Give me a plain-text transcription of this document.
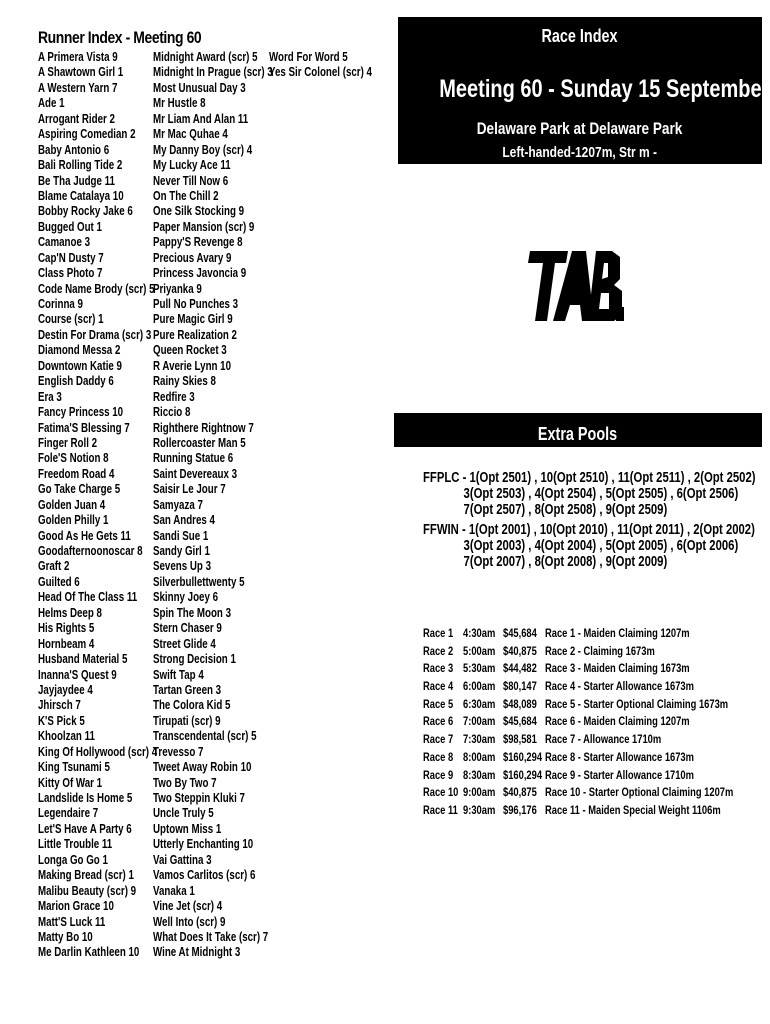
Runner Index - Meeting 60
A Primera Vista 9
A Shawtown Girl 1
A Western Yarn 7
Ade 1
Arrogant Rider 2
Aspiring Comedian 2
Baby Antonio 6
Bali Rolling Tide 2
Be Tha Judge 11
Blame Catalaya 10
Bobby Rocky Jake 6
Bugged Out 1
Camanoe 3
Cap'N Dusty 7
Class Photo 7
Code Name Brody (scr) 5
Corinna 9
Course (scr) 1
Destin For Drama (scr) 3
Diamond Messa 2
Downtown Katie 9
English Daddy 6
Era 3
Fancy Princess 10
Fatima'S Blessing 7
Finger Roll 2
Fole'S Notion 8
Freedom Road 4
Go Take Charge 5
Golden Juan 4
Golden Philly 1
Good As He Gets 11
Goodafternoonoscar 8
Graft 2
Guilted 6
Head Of The Class 11
Helms Deep 8
His Rights 5
Hornbeam 4
Husband Material 5
Inanna'S Quest 9
Jayjaydee 4
Jhirsch 7
K'S Pick 5
Khoolzan 11
King Of Hollywood (scr) 4
King Tsunami 5
Kitty Of War 1
Landslide Is Home 5
Legendaire 7
Let'S Have A Party 6
Little Trouble 11
Longa Go Go 1
Making Bread (scr) 1
Malibu Beauty (scr) 9
Marion Grace 10
Matt'S Luck 11
Matty Bo 10
Me Darlin Kathleen 10
Midnight Award (scr) 5
Midnight In Prague (scr) 3
Most Unusual Day 3
Mr Hustle 8
Mr Liam And Alan 11
Mr Mac Quhae 4
My Danny Boy (scr) 4
My Lucky Ace 11
Never Till Now 6
On The Chill 2
One Silk Stocking 9
Paper Mansion (scr) 9
Pappy'S Revenge 8
Precious Avary 9
Princess Javoncia 9
Priyanka 9
Pull No Punches 3
Pure Magic Girl 9
Pure Realization 2
Queen Rocket 3
R Averie Lynn 10
Rainy Skies 8
Redfire 3
Riccio 8
Righthere Rightnow 7
Rollercoaster Man 5
Running Statue 6
Saint Devereaux 3
Saisir Le Jour 7
Samyaza 7
San Andres 4
Sandi Sue 1
Sandy Girl 1
Sevens Up 3
Silverbullettwenty 5
Skinny Joey 6
Spin The Moon 3
Stern Chaser 9
Street Glide 4
Strong Decision 1
Swift Tap 4
Tartan Green 3
The Colora Kid 5
Tirupati (scr) 9
Transcendental (scr) 5
Trevesso 7
Tweet Away Robin 10
Two By Two 7
Two Steppin Kluki 7
Uncle Truly 5
Uptown Miss 1
Utterly Enchanting 10
Vai Gattina 3
Vamos Carlitos (scr) 6
Vanaka 1
Vine Jet (scr) 4
Well Into (scr) 9
What Does It Take (scr) 7
Wine At Midnight 3
Word For Word 5
Yes Sir Colonel (scr) 4
Race Index
Meeting 60 - Sunday 15 September
Delaware Park at Delaware Park
Left-handed-1207m, Str m -
Extra Pools
FFPLC - 1(Opt 2501) , 10(Opt 2510) , 11(Opt 2511) , 2(Opt 2502)
3(Opt 2503) , 4(Opt 2504) , 5(Opt 2505) , 6(Opt 2506)
7(Opt 2507) , 8(Opt 2508) , 9(Opt 2509)
FFWIN - 1(Opt 2001) , 10(Opt 2010) , 11(Opt 2011) , 2(Opt 2002)
3(Opt 2003) , 4(Opt 2004) , 5(Opt 2005) , 6(Opt 2006)
7(Opt 2007) , 8(Opt 2008) , 9(Opt 2009)
Race 1 4:30am $45,684 Race 1 - Maiden Claiming 1207m
Race 2 5:00am $40,875 Race 2 - Claiming 1673m
Race 3 5:30am $44,482 Race 3 - Maiden Claiming 1673m
Race 4 6:00am $80,147 Race 4 - Starter Allowance 1673m
Race 5 6:30am $48,089 Race 5 - Starter Optional Claiming 1673m
Race 6 7:00am $45,684 Race 6 - Maiden Claiming 1207m
Race 7 7:30am $98,581 Race 7 - Allowance 1710m
Race 8 8:00am $160,294 Race 8 - Starter Allowance 1673m
Race 9 8:30am $160,294 Race 9 - Starter Allowance 1710m
Race 10 9:00am $40,875 Race 10 - Starter Optional Claiming 1207m
Race 11 9:30am $96,176 Race 11 - Maiden Special Weight 1106m
